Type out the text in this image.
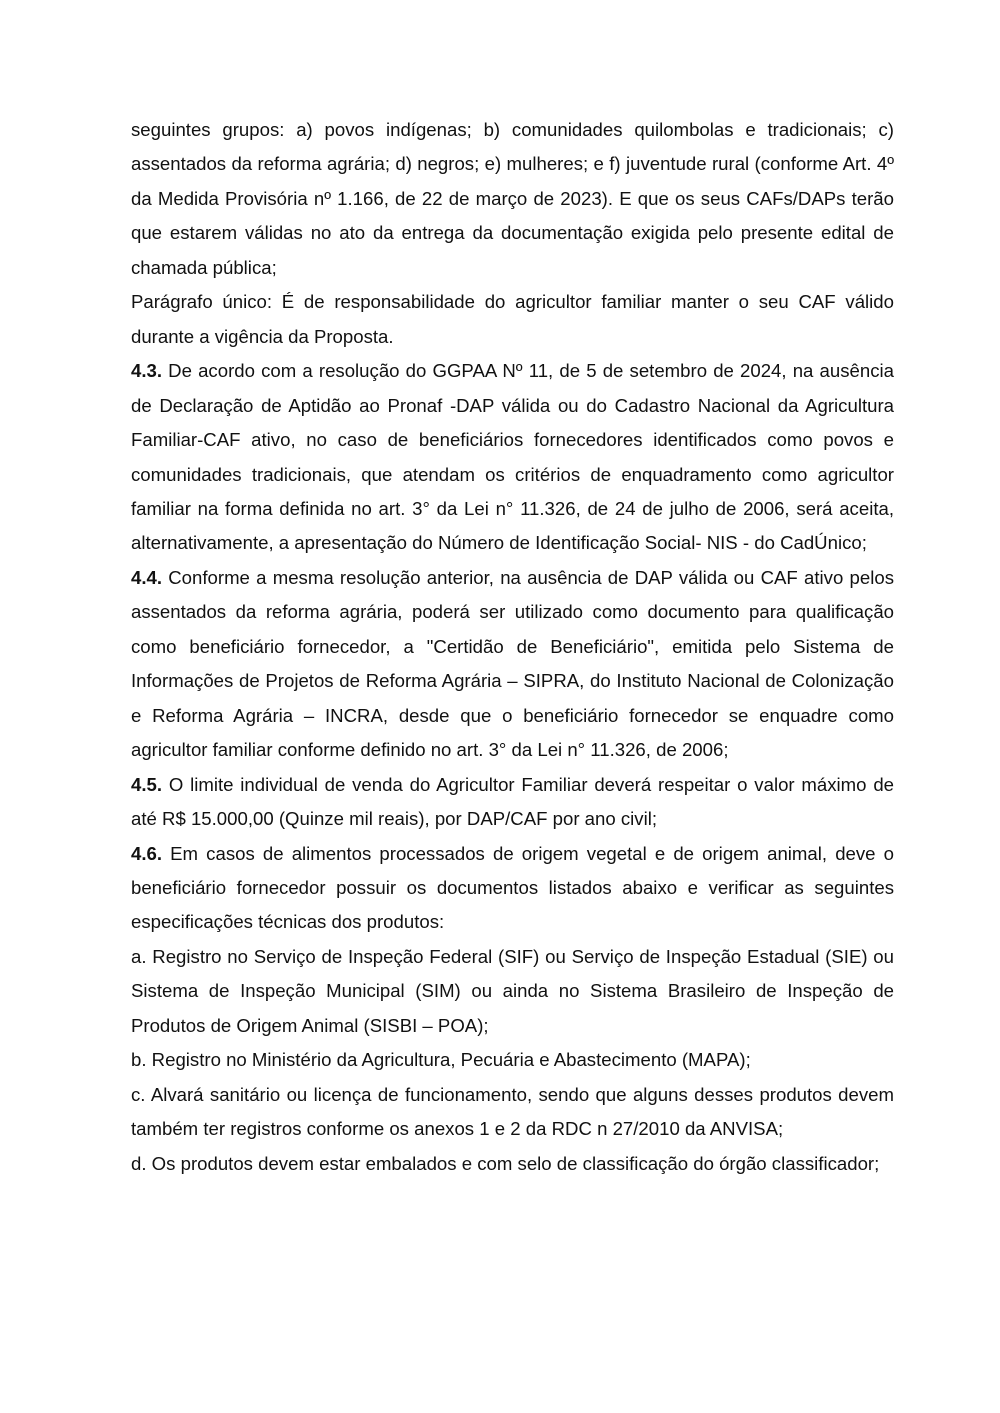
seguintes grupos: a) povos indígenas; b) comunidades quilombolas e tradicionais; c) assentados da reforma agrária; d) negros; e) mulheres; e f) juventude rural (conforme Art. 4º da Medida Provisória nº 1.166, de 22 de março de 2023). E que os seus CAFs/DAPs terão que estarem válidas no ato da entrega da documentação exigida pelo presente edital de chamada pública;

Parágrafo único: É de responsabilidade do agricultor familiar manter o seu CAF válido durante a vigência da Proposta.

4.3. De acordo com a resolução do GGPAA Nº 11, de 5 de setembro de 2024, na ausência de Declaração de Aptidão ao Pronaf -DAP válida ou do Cadastro Nacional da Agricultura Familiar-CAF ativo, no caso de beneficiários fornecedores identificados como povos e comunidades tradicionais, que atendam os critérios de enquadramento como agricultor familiar na forma definida no art. 3° da Lei n° 11.326, de 24 de julho de 2006, será aceita, alternativamente, a apresentação do Número de Identificação Social- NIS - do CadÚnico;

4.4. Conforme a mesma resolução anterior, na ausência de DAP válida ou CAF ativo pelos assentados da reforma agrária, poderá ser utilizado como documento para qualificação como beneficiário fornecedor, a "Certidão de Beneficiário", emitida pelo Sistema de Informações de Projetos de Reforma Agrária – SIPRA, do Instituto Nacional de Colonização e Reforma Agrária – INCRA, desde que o beneficiário fornecedor se enquadre como agricultor familiar conforme definido no art. 3° da Lei n° 11.326, de 2006;

4.5. O limite individual de venda do Agricultor Familiar deverá respeitar o valor máximo de até R$ 15.000,00 (Quinze mil reais), por DAP/CAF por ano civil;

4.6. Em casos de alimentos processados de origem vegetal e de origem animal, deve o beneficiário fornecedor possuir os documentos listados abaixo e verificar as seguintes especificações técnicas dos produtos:

a. Registro no Serviço de Inspeção Federal (SIF) ou Serviço de Inspeção Estadual (SIE) ou Sistema de Inspeção Municipal (SIM) ou ainda no Sistema Brasileiro de Inspeção de Produtos de Origem Animal (SISBI – POA);

b. Registro no Ministério da Agricultura, Pecuária e Abastecimento (MAPA);

c. Alvará sanitário ou licença de funcionamento, sendo que alguns desses produtos devem também ter registros conforme os anexos 1 e 2 da RDC n 27/2010 da ANVISA;

d. Os produtos devem estar embalados e com selo de classificação do órgão classificador;
